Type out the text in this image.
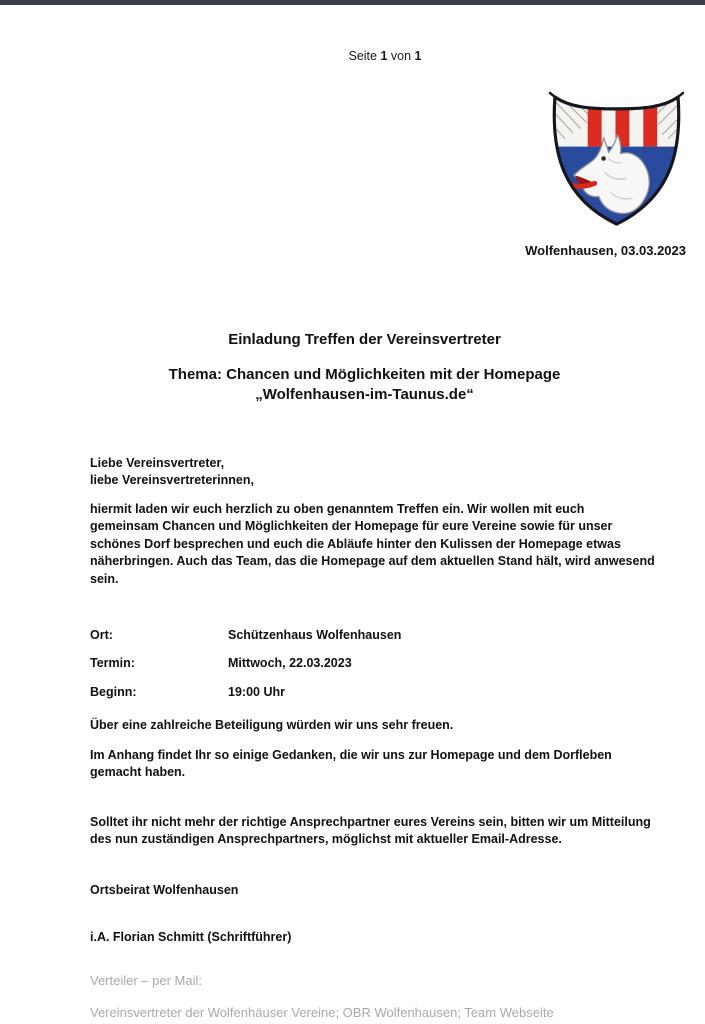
Seite 1 von 1
Wolfenhausen, 03.03.2023
Einladung Treffen der Vereinsvertreter
Thema: Chancen und Möglichkeiten mit der Homepage
„Wolfenhausen-im-Taunus.de“
Liebe Vereinsvertreter,
liebe Vereinsvertreterinnen,
hiermit laden wir euch herzlich zu oben genanntem Treffen ein. Wir wollen mit euch
gemeinsam Chancen und Möglichkeiten der Homepage für eure Vereine sowie für unser
schönes Dorf besprechen und euch die Abläufe hinter den Kulissen der Homepage etwas
näherbringen. Auch das Team, das die Homepage auf dem aktuellen Stand hält, wird anwesend
sein.
Ort:	Schützenhaus Wolfenhausen
Termin:	Mittwoch, 22.03.2023
Beginn:	19:00 Uhr
Über eine zahlreiche Beteiligung würden wir uns sehr freuen.
Im Anhang findet Ihr so einige Gedanken, die wir uns zur Homepage und dem Dorfleben
gemacht haben.
Solltet ihr nicht mehr der richtige Ansprechpartner eures Vereins sein, bitten wir um Mitteilung
des nun zuständigen Ansprechpartners, möglichst mit aktueller Email-Adresse.
Ortsbeirat Wolfenhausen
i.A. Florian Schmitt (Schriftführer)
Verteiler – per Mail:
Vereinsvertreter der Wolfenhäuser Vereine; OBR Wolfenhausen; Team Webseite
